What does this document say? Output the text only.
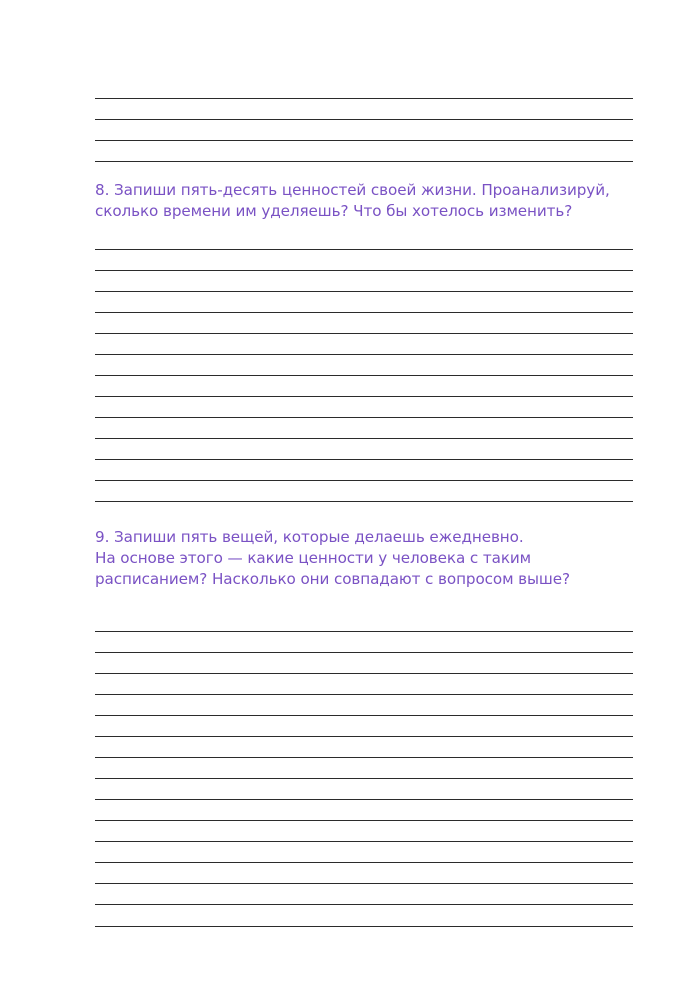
8. Запиши пять-десять ценностей своей жизни. Проанализируй,
сколько времени им уделяешь? Что бы хотелось изменить?
9. Запиши пять вещей, которые делаешь ежедневно.
На основе этого — какие ценности у человека с таким
расписанием? Насколько они совпадают с вопросом выше?
